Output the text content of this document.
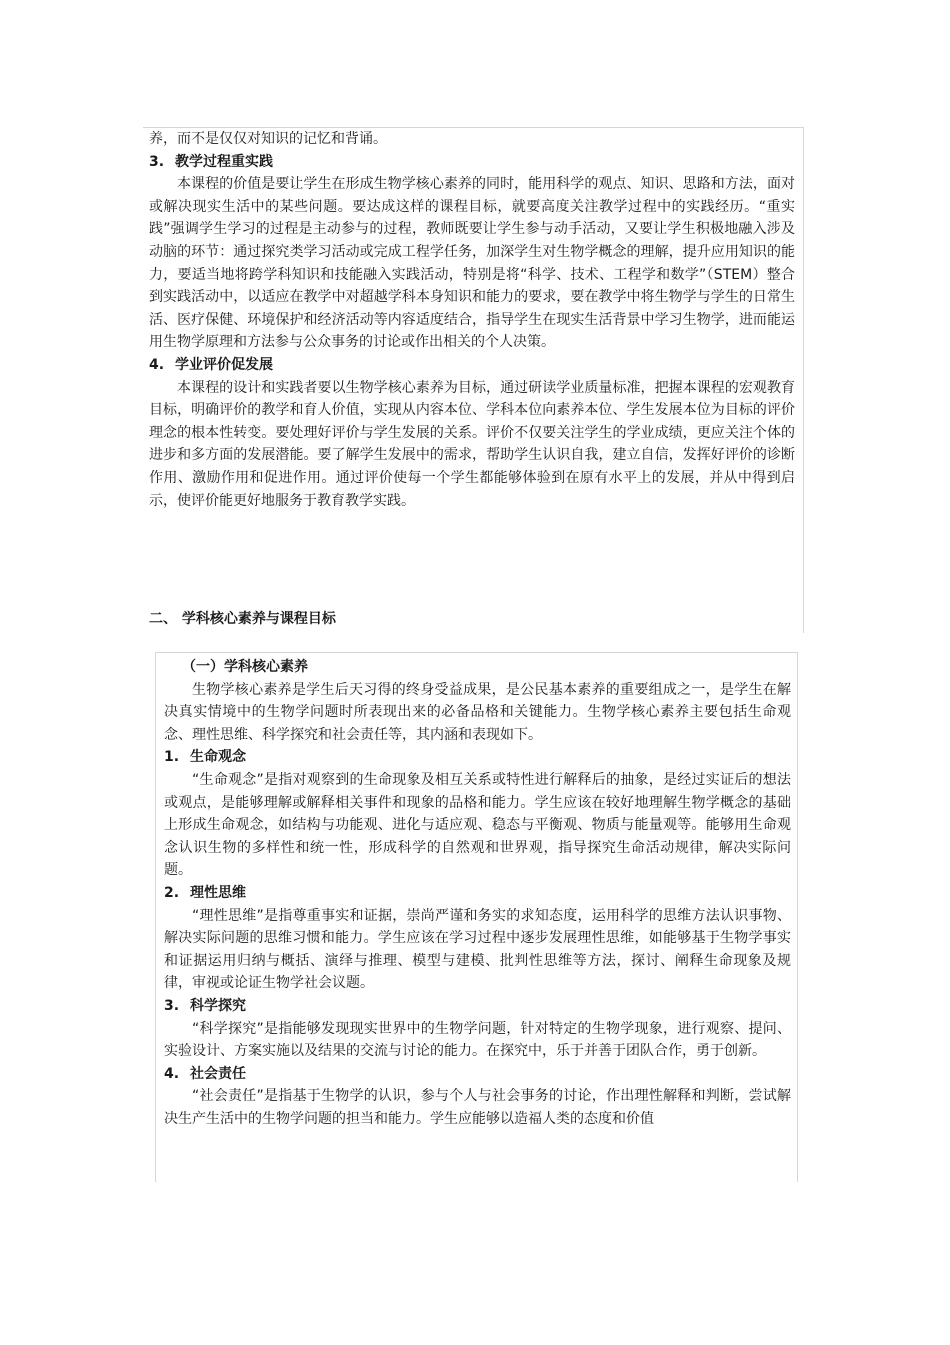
养，而不是仅仅对知识的记忆和背诵。

3. 教学过程重实践

本课程的价值是要让学生在形成生物学核心素养的同时，能用科学的观点、知识、思路和方法，面对或解决现实生活中的某些问题。要达成这样的课程目标，就要高度关注教学过程中的实践经历。“重实践”强调学生学习的过程是主动参与的过程，教师既要让学生参与动手活动，又要让学生积极地融入涉及动脑的环节：通过探究类学习活动或完成工程学任务，加深学生对生物学概念的理解，提升应用知识的能力，要适当地将跨学科知识和技能融入实践活动，特别是将“科学、技术、工程学和数学”（STEM）整合到实践活动中，以适应在教学中对超越学科本身知识和能力的要求，要在教学中将生物学与学生的日常生活、医疗保健、环境保护和经济活动等内容适度结合，指导学生在现实生活背景中学习生物学，进而能运用生物学原理和方法参与公众事务的讨论或作出相关的个人决策。

4. 学业评价促发展

本课程的设计和实践者要以生物学核心素养为目标，通过研读学业质量标准，把握本课程的宏观教育目标，明确评价的教学和育人价值，实现从内容本位、学科本位向素养本位、学生发展本位为目标的评价理念的根本性转变。要处理好评价与学生发展的关系。评价不仅要关注学生的学业成绩，更应关注个体的进步和多方面的发展潜能。要了解学生发展中的需求，帮助学生认识自我，建立自信，发挥好评价的诊断作用、激励作用和促进作用。通过评价使每一个学生都能够体验到在原有水平上的发展，并从中得到启示，使评价能更好地服务于教育教学实践。

二、 学科核心素养与课程目标

（一）学科核心素养

生物学核心素养是学生后天习得的终身受益成果，是公民基本素养的重要组成之一，是学生在解决真实情境中的生物学问题时所表现出来的必备品格和关键能力。生物学核心素养主要包括生命观念、理性思维、科学探究和社会责任等，其内涵和表现如下。

1. 生命观念

“生命观念”是指对观察到的生命现象及相互关系或特性进行解释后的抽象，是经过实证后的想法或观点，是能够理解或解释相关事件和现象的品格和能力。学生应该在较好地理解生物学概念的基础上形成生命观念，如结构与功能观、进化与适应观、稳态与平衡观、物质与能量观等。能够用生命观念认识生物的多样性和统一性，形成科学的自然观和世界观，指导探究生命活动规律，解决实际问题。

2. 理性思维

“理性思维”是指尊重事实和证据，崇尚严谨和务实的求知态度，运用科学的思维方法认识事物、解决实际问题的思维习惯和能力。学生应该在学习过程中逐步发展理性思维，如能够基于生物学事实和证据运用归纳与概括、演绎与推理、模型与建模、批判性思维等方法，探讨、阐释生命现象及规律，审视或论证生物学社会议题。

3. 科学探究

“科学探究”是指能够发现现实世界中的生物学问题，针对特定的生物学现象，进行观察、提问、实验设计、方案实施以及结果的交流与讨论的能力。在探究中，乐于并善于团队合作，勇于创新。

4. 社会责任

“社会责任”是指基于生物学的认识，参与个人与社会事务的讨论，作出理性解释和判断，尝试解决生产生活中的生物学问题的担当和能力。学生应能够以造福人类的态度和价值
